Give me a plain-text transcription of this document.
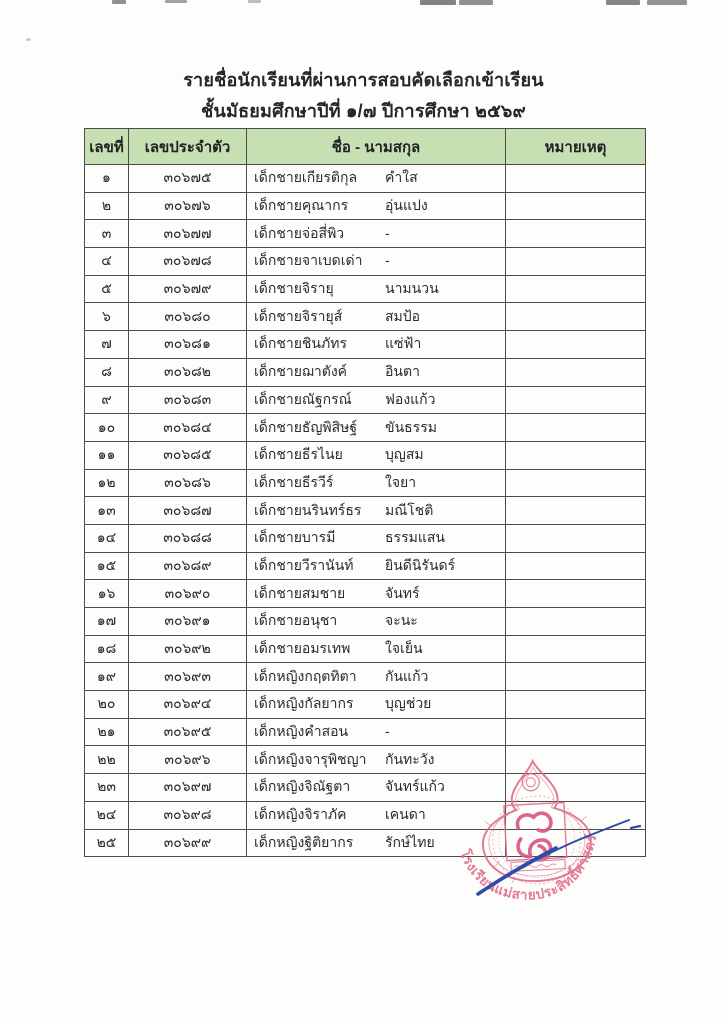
รายชื่อนักเรียนที่ผ่านการสอบคัดเลือกเข้าเรียน
ชั้นมัธยมศึกษาปีที่ ๑/๗ ปีการศึกษา ๒๕๖๙
เลขที่	เลขประจำตัว	ชื่อ - นามสกุล	หมายเหตุ
๑	๓๐๖๗๕	เด็กชายเกียรติกุล คำใส	
๒	๓๐๖๗๖	เด็กชายคุณากร อุ่นแปง	
๓	๓๐๖๗๗	เด็กชายจ่อสี่พิว -	
๔	๓๐๖๗๘	เด็กชายจาเบดเด่า -	
๕	๓๐๖๗๙	เด็กชายจิรายุ นามนวน	
๖	๓๐๖๘๐	เด็กชายจิรายุส์ สมป้อ	
๗	๓๐๖๘๑	เด็กชายชินภัทร แซ่ฟ้า	
๘	๓๐๖๘๒	เด็กชายฌาตังค์ อินตา	
๙	๓๐๖๘๓	เด็กชายณัฐกรณ์ ฟองแก้ว	
๑๐	๓๐๖๘๔	เด็กชายธัญพิสิษฐ์ ขันธรรม	
๑๑	๓๐๖๘๕	เด็กชายธีรไนย บุญสม	
๑๒	๓๐๖๘๖	เด็กชายธีรวีร์ ใจยา	
๑๓	๓๐๖๘๗	เด็กชายนรินทร์ธร มณีโชติ	
๑๔	๓๐๖๘๘	เด็กชายบารมี ธรรมแสน	
๑๕	๓๐๖๘๙	เด็กชายวีรานันท์ ยินดีนิรันดร์	
๑๖	๓๐๖๙๐	เด็กชายสมชาย จันทร์	
๑๗	๓๐๖๙๑	เด็กชายอนุชา จะนะ	
๑๘	๓๐๖๙๒	เด็กชายอมรเทพ ใจเย็น	
๑๙	๓๐๖๙๓	เด็กหญิงกฤตทิตา กันแก้ว	
๒๐	๓๐๖๙๔	เด็กหญิงกัลยากร บุญช่วย	
๒๑	๓๐๖๙๕	เด็กหญิงคำสอน -	
๒๒	๓๐๖๙๖	เด็กหญิงจารุพิชญา กันทะวัง	
๒๓	๓๐๖๙๗	เด็กหญิงจิณัฐตา จันทร์แก้ว	
๒๔	๓๐๖๙๘	เด็กหญิงจิราภัค เคนดา	
๒๕	๓๐๖๙๙	เด็กหญิงฐิติยากร รักษ์ไทย	
โรงเรียนแม่สายประสิทธิ์ศาสตร์
